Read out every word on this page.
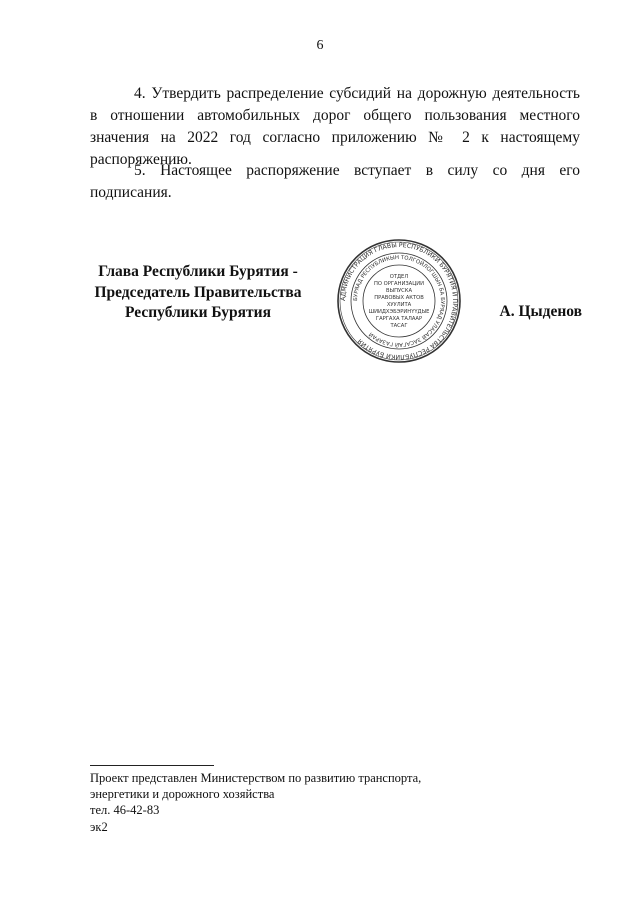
6

4. Утвердить распределение субсидий на дорожную деятельность в отношении автомобильных дорог общего пользования местного значения на 2022 год согласно приложению № 2 к настоящему распоряжению.

5. Настоящее распоряжение вступает в силу со дня его подписания.

Глава Республики Бурятия -
Председатель Правительства
Республики Бурятия
АДМИНИСТРАЦИЯ ГЛАВЫ РЕСПУБЛИКИ БУРЯТИЯ И ПРАВИТЕЛЬСТВА РЕСПУБЛИКИ БУРЯТИЯ
БУРЯАД РЕСПУБЛИКЫН ТОЛГОЙЛОГШЫН БА БУРЯАД УЛАСАЙ ЗАСАГАЙ ГАЗАРАЙ
ОТДЕЛ
ПО ОРГАНИЗАЦИИ
ВЫПУСКА
ПРАВОВЫХ АКТОВ
ХУУЛИТА
ШИИДХЭБЭРИНҮҮДЫЕ
ГАРГАХА ТАЛААР
ТАСАГ
А. Цыденов
Проект представлен Министерством по развитию транспорта,
энергетики и дорожного хозяйства
тел. 46-42-83
эк2
